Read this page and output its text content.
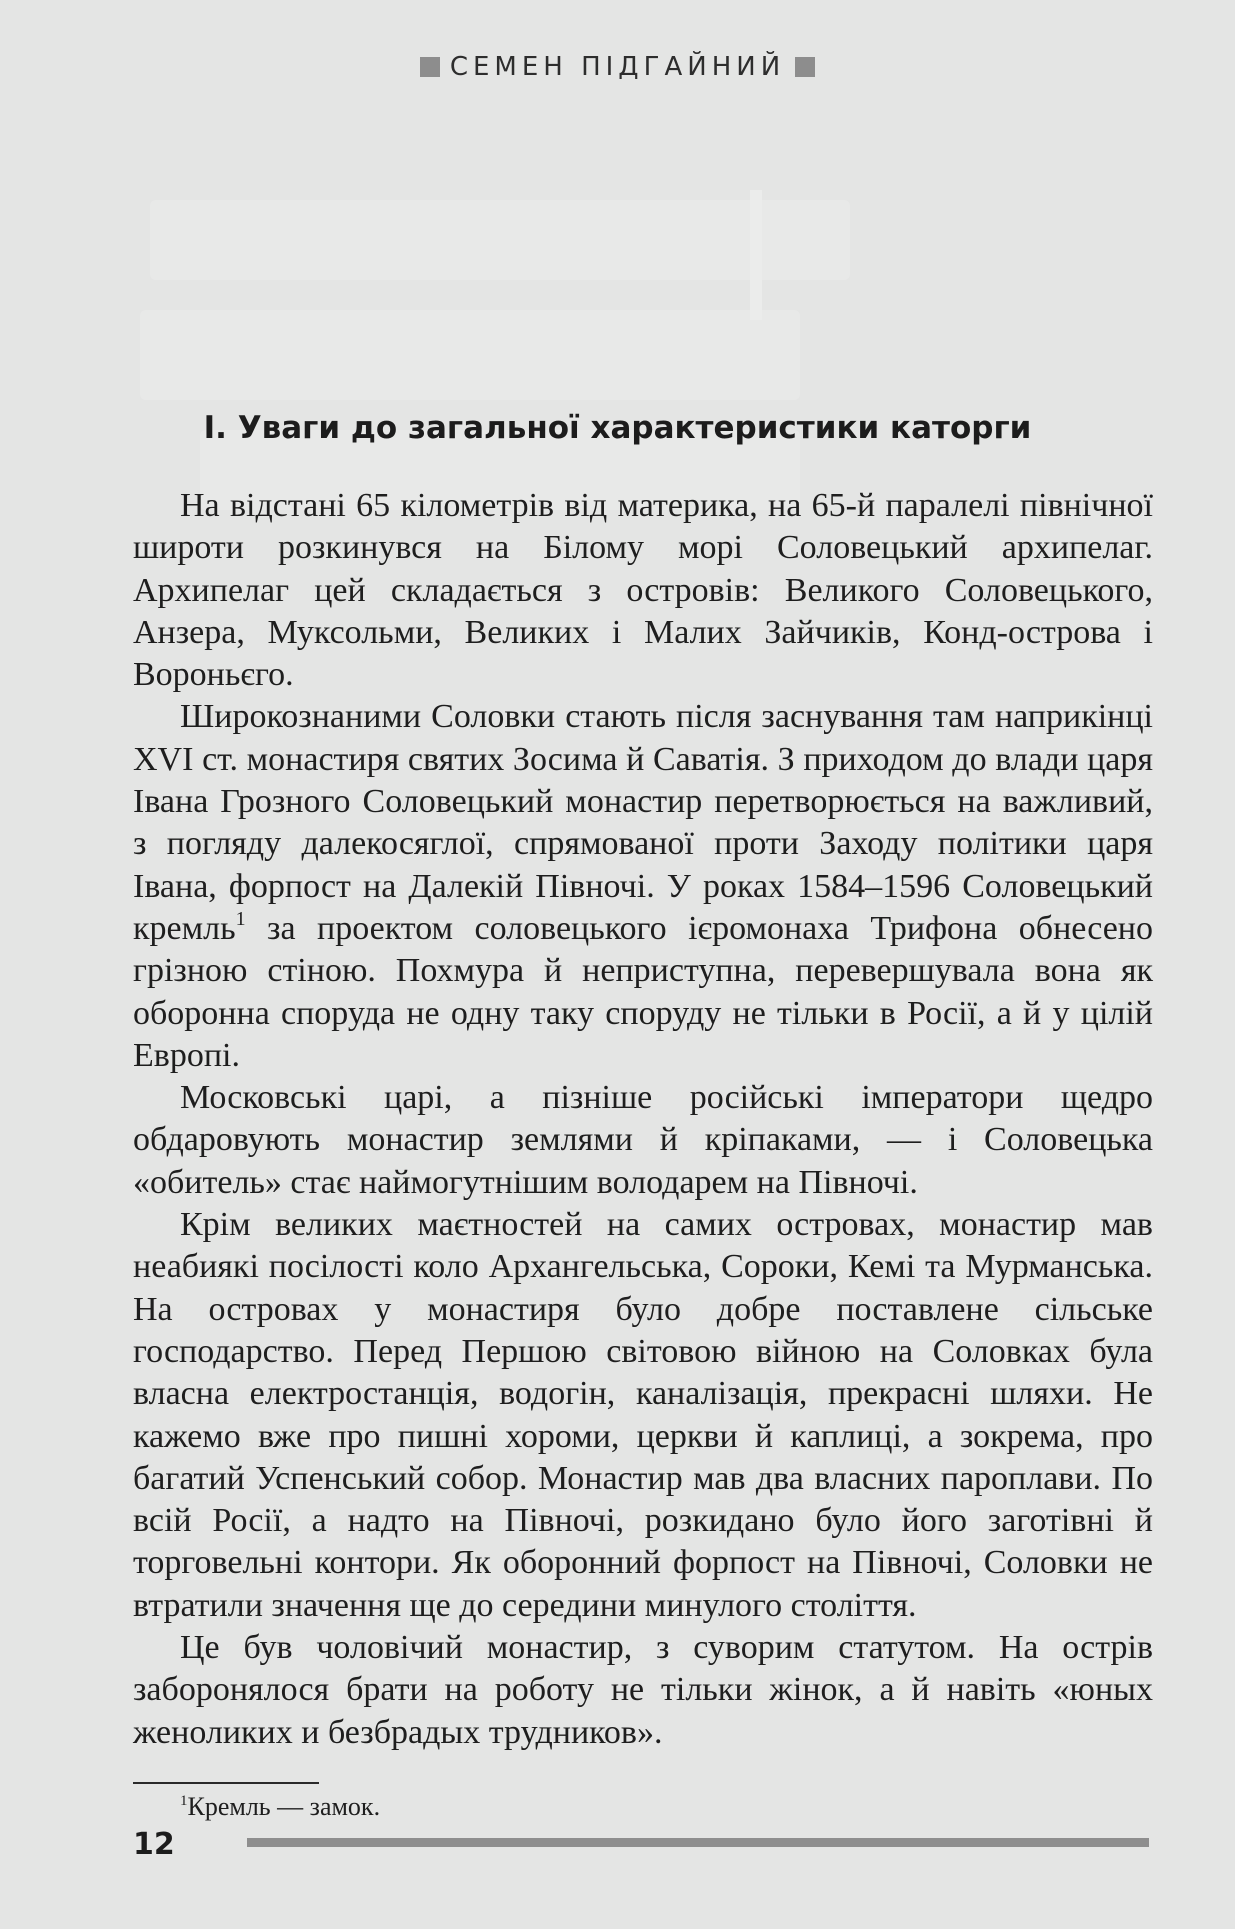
СЕМЕН ПІДГАЙНИЙ
І. Уваги до загальної характеристики каторги

На відстані 65 кілометрів від материка, на 65-й паралелі північної широти розкинувся на Білому морі Соловецький архипелаг. Архипелаг цей складається з островів: Великого Соловецького, Анзера, Муксольми, Великих і Малих Зайчиків, Конд-острова і Вороньєго.

Широкознаними Соловки стають після заснування там наприкінці XVI ст. монастиря святих Зосима й Саватія. З приходом до влади царя Івана Грозного Соловецький монастир перетворюється на важливий, з погляду далекосяглої, спрямованої проти Заходу політики царя Івана, форпост на Далекій Півночі. У роках 1584–1596 Соловецький кремль$^1$ за проектом соловецького ієромонаха Трифона обнесено грізною стіною. Похмура й неприступна, перевершувала вона як оборонна споруда не одну таку споруду не тільки в Росії, а й у цілій Европі.

Московські царі, а пізніше російські імператори щедро обдаровують монастир землями й кріпаками, — і Соловецька «обитель» стає наймогутнішим володарем на Півночі.

Крім великих маєтностей на самих островах, монастир мав неабиякі посілості коло Архангельська, Сороки, Кемі та Мурманська. На островах у монастиря було добре поставлене сільське господарство. Перед Першою світовою війною на Соловках була власна електростанція, водогін, каналізація, прекрасні шляхи. Не кажемо вже про пишні хороми, церкви й каплиці, а зокрема, про багатий Успенський собор. Монастир мав два власних пароплави. По всій Росії, а надто на Півночі, розкидано було його заготівні й торговельні контори. Як оборонний форпост на Півночі, Соловки не втратили значення ще до середини минулого століття.

Це був чоловічий монастир, з суворим статутом. На острів заборонялося брати на роботу не тільки жінок, а й навіть «юных женоликих и безбрадых трудников».

$^1$Кремль — замок.
12
